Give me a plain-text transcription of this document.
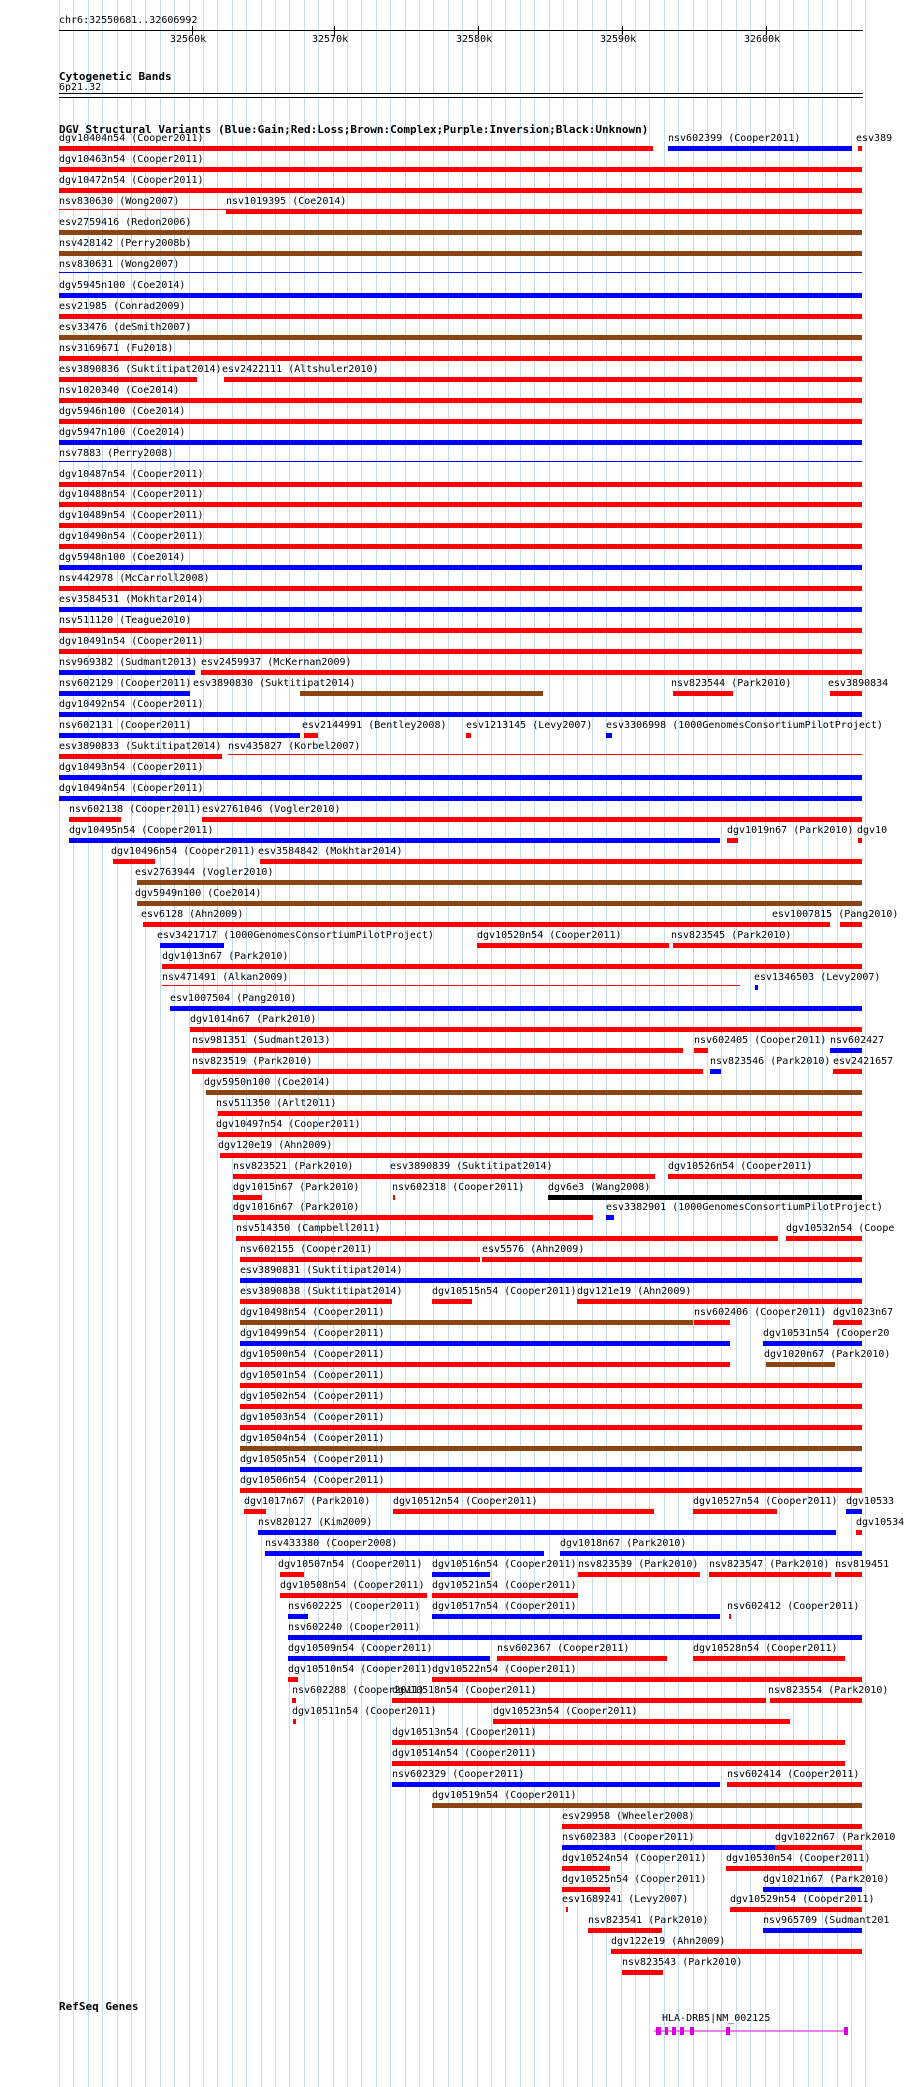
chr6:32550681..32606992
32560k	32570k	32580k	32590k	32600k
Cytogenetic Bands
6p21.32
DGV Structural Variants (Blue:Gain;Red:Loss;Brown:Complex;Purple:Inversion;Black:Unknown)
dgv10404n54 (Cooper2011)	nsv602399 (Cooper2011)	esv389
dgv10463n54 (Cooper2011)
dgv10472n54 (Cooper2011)
nsv830630 (Wong2007)	nsv1019395 (Coe2014)
esv2759416 (Redon2006)
nsv428142 (Perry2008b)
nsv830631 (Wong2007)
dgv5945n100 (Coe2014)
esv21985 (Conrad2009)
esv33476 (deSmith2007)
nsv3169671 (Fu2018)
esv3890836 (Suktitipat2014) esv2422111 (Altshuler2010)
nsv1020340 (Coe2014)
dgv5946n100 (Coe2014)
dgv5947n100 (Coe2014)
nsv7883 (Perry2008)
dgv10487n54 (Cooper2011)
dgv10488n54 (Cooper2011)
dgv10489n54 (Cooper2011)
dgv10490n54 (Cooper2011)
dgv5948n100 (Coe2014)
nsv442978 (McCarroll2008)
esv3584531 (Mokhtar2014)
nsv511120 (Teague2010)
dgv10491n54 (Cooper2011)
nsv969382 (Sudmant2013) esv2459937 (McKernan2009)
nsv602129 (Cooper2011) esv3890830 (Suktitipat2014)	nsv823544 (Park2010)	esv3890834
dgv10492n54 (Cooper2011)
nsv602131 (Cooper2011)	esv2144991 (Bentley2008) esv1213145 (Levy2007) esv3306998 (1000GenomesConsortiumPilotProject)
esv3890833 (Suktitipat2014) nsv435827 (Korbel2007)
dgv10493n54 (Cooper2011)
dgv10494n54 (Cooper2011)
nsv602138 (Cooper2011) esv2761046 (Vogler2010)
dgv10495n54 (Cooper2011)	dgv1019n67 (Park2010) dgv10
dgv10496n54 (Cooper2011) esv3584842 (Mokhtar2014)
esv2763944 (Vogler2010)
dgv5949n100 (Coe2014)
esv6128 (Ahn2009)	esv1007815 (Pang2010)
esv3421717 (1000GenomesConsortiumPilotProject)	dgv10520n54 (Cooper2011)	nsv823545 (Park2010)
dgv1013n67 (Park2010)
nsv471491 (Alkan2009)	esv1346503 (Levy2007)
esv1007504 (Pang2010)
dgv1014n67 (Park2010)
nsv981351 (Sudmant2013)	nsv602405 (Cooper2011) nsv602427
nsv823519 (Park2010)	nsv823546 (Park2010) esv2421657
dgv5950n100 (Coe2014)
nsv511350 (Arlt2011)
dgv10497n54 (Cooper2011)
dgv120e19 (Ahn2009)
nsv823521 (Park2010)	esv3890839 (Suktitipat2014)	dgv10526n54 (Cooper2011)
dgv1015n67 (Park2010)	nsv602318 (Cooper2011) dgv6e3 (Wang2008)
dgv1016n67 (Park2010)	esv3382901 (1000GenomesConsortiumPilotProject)
nsv514350 (Campbell2011)	dgv10532n54 (Coope
nsv602155 (Cooper2011)	esv5576 (Ahn2009)
esv3890831 (Suktitipat2014)
esv3890838 (Suktitipat2014)	dgv10515n54 (Cooper2011) dgv121e19 (Ahn2009)
dgv10498n54 (Cooper2011)	nsv602406 (Cooper2011) dgv1023n67
dgv10499n54 (Cooper2011)	dgv10531n54 (Cooper20
dgv10500n54 (Cooper2011)	dgv1020n67 (Park2010)
dgv10501n54 (Cooper2011)
dgv10502n54 (Cooper2011)
dgv10503n54 (Cooper2011)
dgv10504n54 (Cooper2011)
dgv10505n54 (Cooper2011)
dgv10506n54 (Cooper2011)
dgv1017n67 (Park2010) dgv10512n54 (Cooper2011)	dgv10527n54 (Cooper2011) dgv10533
nsv820127 (Kim2009)	dgv10534
nsv433380 (Cooper2008)	dgv1018n67 (Park2010)
dgv10507n54 (Cooper2011) dgv10516n54 (Cooper2011) nsv823539 (Park2010) nsv823547 (Park2010) nsv819451
dgv10508n54 (Cooper2011) dgv10521n54 (Cooper2011)
nsv602225 (Cooper2011) dgv10517n54 (Cooper2011)	nsv602412 (Cooper2011)
nsv602240 (Cooper2011)
dgv10509n54 (Cooper2011)	nsv602367 (Cooper2011)	dgv10528n54 (Cooper2011)
dgv10510n54 (Cooper2011) dgv10522n54 (Cooper2011)
nsv602288 (Cooper2011)
dgv10518n54 (Cooper2011)	nsv823554 (Park2010)
dgv10511n54 (Cooper2011)	dgv10523n54 (Cooper2011)
dgv10513n54 (Cooper2011)
dgv10514n54 (Cooper2011)
nsv602329 (Cooper2011)	nsv602414 (Cooper2011)
dgv10519n54 (Cooper2011)
esv29958 (Wheeler2008)
nsv602383 (Cooper2011)	dgv1022n67 (Park2010
dgv10524n54 (Cooper2011) dgv10530n54 (Cooper2011)
dgv10525n54 (Cooper2011)	dgv1021n67 (Park2010)
esv1689241 (Levy2007)	dgv10529n54 (Cooper2011)
nsv823541 (Park2010)	nsv965709 (Sudmant201
dgv122e19 (Ahn2009)
nsv823543 (Park2010)
RefSeq Genes
HLA-DRB5|NM_002125
